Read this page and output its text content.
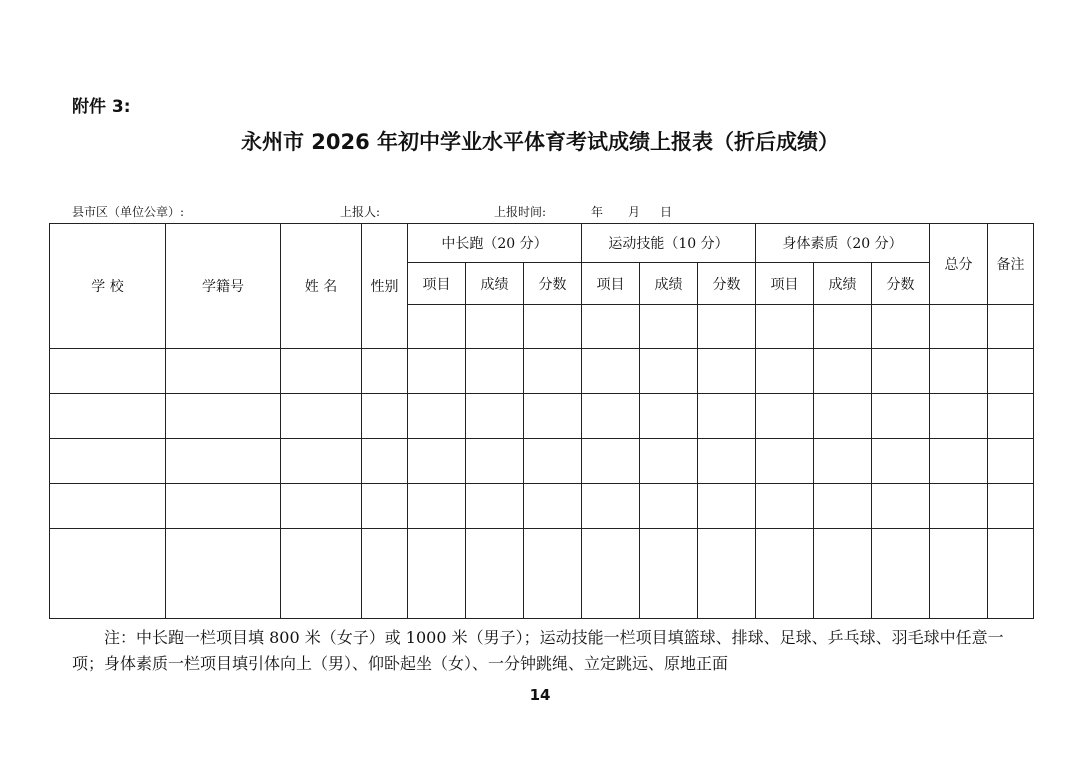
附件 3:
永州市 2026 年初中学业水平体育考试成绩上报表（折后成绩）
县市区（单位公章）:	上报人:	上报时间:	年 月 日
学 校	学籍号	姓 名	性别	中长跑（20 分）			运动技能（10 分）			身体素质（20 分）			总分	备注
				项目	成绩	分数	项目	成绩	分数	项目	成绩	分数		

注：中长跑一栏项目填 800 米（女子）或 1000 米（男子）；运动技能一栏项目填篮球、排球、足球、乒乓球、羽毛球中任意一项；身体素质一栏项目填引体向上（男）、仰卧起坐（女）、一分钟跳绳、立定跳远、原地正面
14
